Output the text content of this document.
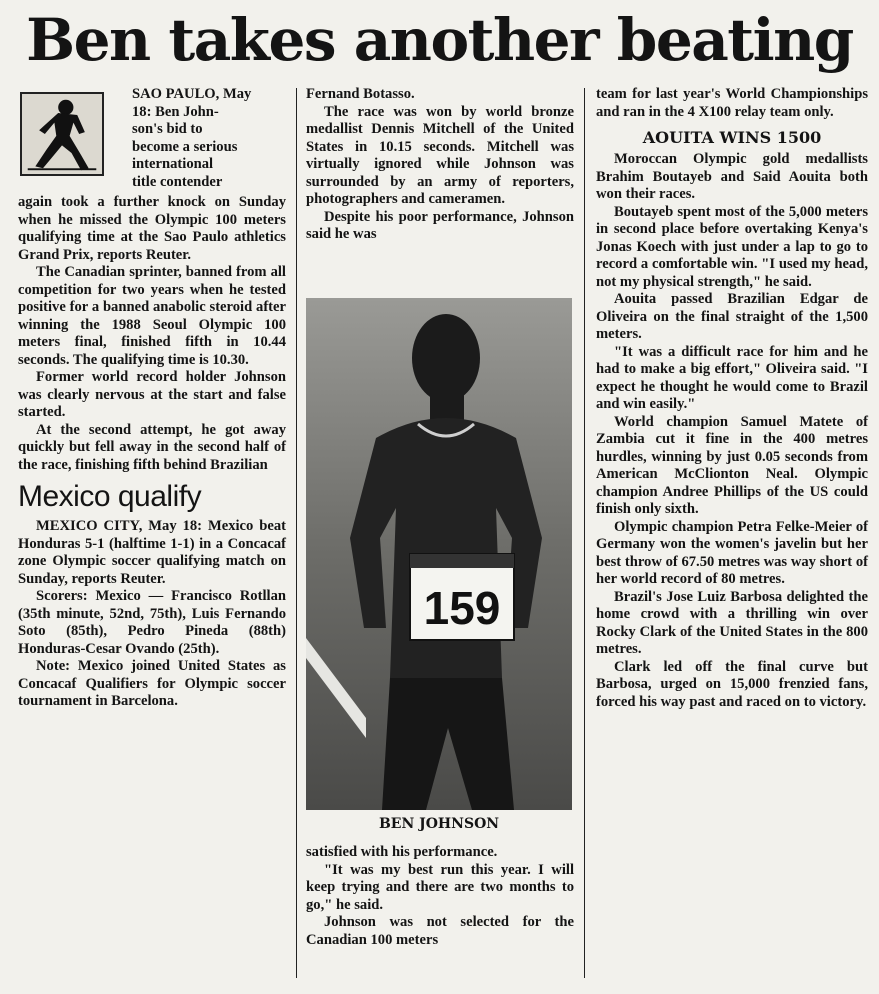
Ben takes another beating

SAO PAULO, May

18: Ben John-

son's bid to

become a serious

international

title contender

again took a further knock on Sunday when he missed the Olympic 100 meters qualifying time at the Sao Paulo athletics Grand Prix, reports Reuter.

The Canadian sprinter, banned from all competition for two years when he tested positive for a banned anabolic steroid after winning the 1988 Seoul Olympic 100 meters final, finished fifth in 10.44 seconds. The qualifying time is 10.30.

Former world record holder Johnson was clearly nervous at the start and false started.

At the second attempt, he got away quickly but fell away in the second half of the race, finishing fifth behind Brazilian

Mexico qualify

MEXICO CITY, May 18: Mexico beat Honduras 5-1 (halftime 1-1) in a Concacaf zone Olympic soccer qualifying match on Sunday, reports Reuter.

Scorers: Mexico — Francisco Rotllan (35th minute, 52nd, 75th), Luis Fernando Soto (85th), Pedro Pineda (88th) Honduras-Cesar Ovando (25th).

Note: Mexico joined United States as Concacaf Qualifiers for Olympic soccer tournament in Barcelona.

Fernand Botasso.

The race was won by world bronze medallist Dennis Mitchell of the United States in 10.15 seconds. Mitchell was virtually ignored while Johnson was surrounded by an army of reporters, photographers and cameramen.

Despite his poor performance, Johnson said he was

159
BEN JOHNSON

satisfied with his performance.

"It was my best run this year. I will keep trying and there are two months to go," he said.

Johnson was not selected for the Canadian 100 meters

team for last year's World Championships and ran in the 4 X100 relay team only.

AOUITA WINS 1500

Moroccan Olympic gold medallists Brahim Boutayeb and Said Aouita both won their races.

Boutayeb spent most of the 5,000 meters in second place before overtaking Kenya's Jonas Koech with just under a lap to go to record a comfortable win. "I used my head, not my physical strength," he said.

Aouita passed Brazilian Edgar de Oliveira on the final straight of the 1,500 meters.

"It was a difficult race for him and he had to make a big effort," Oliveira said. "I expect he thought he would come to Brazil and win easily."

World champion Samuel Matete of Zambia cut it fine in the 400 metres hurdles, winning by just 0.05 seconds from American McClionton Neal. Olympic champion Andree Phillips of the US could finish only sixth.

Olympic champion Petra Felke-Meier of Germany won the women's javelin but her best throw of 67.50 metres was way short of her world record of 80 metres.

Brazil's Jose Luiz Barbosa delighted the home crowd with a thrilling win over Rocky Clark of the United States in the 800 metres.

Clark led off the final curve but Barbosa, urged on 15,000 frenzied fans, forced his way past and raced on to victory.
